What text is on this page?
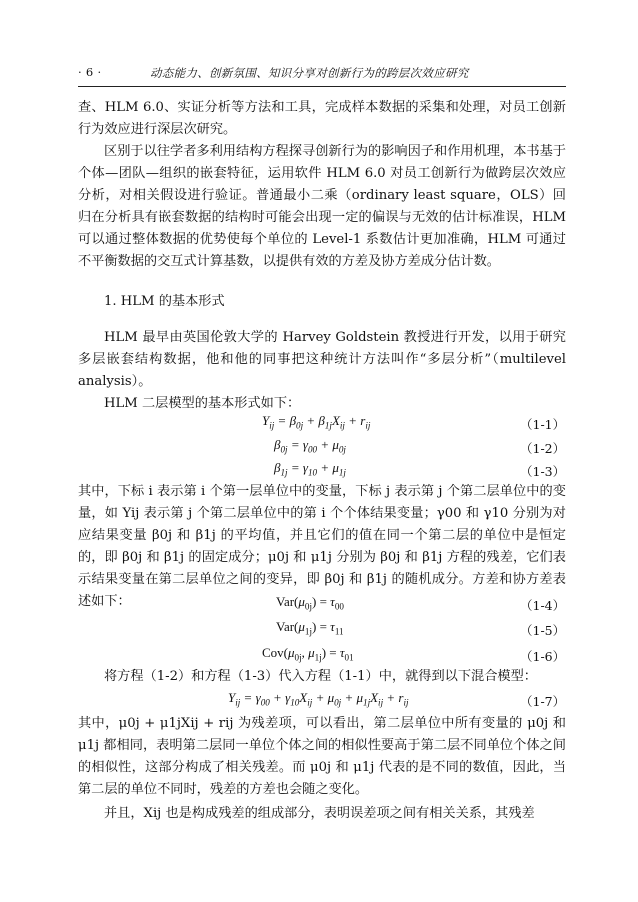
· 6 ·	动态能力、创新氛围、知识分享对创新行为的跨层次效应研究

查、HLM 6.0、实证分析等方法和工具，完成样本数据的采集和处理，对员工创新行为效应进行深层次研究。

区别于以往学者多利用结构方程探寻创新行为的影响因子和作用机理，本书基于个体—团队—组织的嵌套特征，运用软件 HLM 6.0 对员工创新行为做跨层次效应分析，对相关假设进行验证。普通最小二乘（ordinary least square，OLS）回归在分析具有嵌套数据的结构时可能会出现一定的偏误与无效的估计标准误，HLM 可以通过整体数据的优势使每个单位的 Level-1 系数估计更加准确，HLM 可通过不平衡数据的交互式计算基数，以提供有效的方差及协方差成分估计数。

1. HLM 的基本形式

HLM 最早由英国伦敦大学的 Harvey Goldstein 教授进行开发，以用于研究多层嵌套结构数据，他和他的同事把这种统计方法叫作“多层分析”（multilevel analysis）。

HLM 二层模型的基本形式如下：

$Y_{ij} = \beta_{0j} + \beta_{1j}X_{ij} + r_{ij}$	（1-1）
$\beta_{0j} = \gamma_{00} + \mu_{0j}$	（1-2）
$\beta_{1j} = \gamma_{10} + \mu_{1j}$	（1-3）

其中，下标 i 表示第 i 个第一层单位中的变量，下标 j 表示第 j 个第二层单位中的变量，如 Yij 表示第 j 个第二层单位中的第 i 个个体结果变量；γ00 和 γ10 分别为对应结果变量 β0j 和 β1j 的平均值，并且它们的值在同一个第二层的单位中是恒定的，即 β0j 和 β1j 的固定成分；μ0j 和 μ1j 分别为 β0j 和 β1j 方程的残差，它们表示结果变量在第二层单位之间的变异，即 β0j 和 β1j 的随机成分。方差和协方差表述如下：	$Var(\mu_{0j}) = \tau_{00}$	（1-4）
$Var(\mu_{1j}) = \tau_{11}$	（1-5）
$Cov(\mu_{0j}$, $\mu_{1j}) = \tau_{01}$	（1-6）

将方程（1-2）和方程（1-3）代入方程（1-1）中，就得到以下混合模型：

$Y_{ij} = \gamma_{00} + \gamma_{10}X_{ij} + \mu_{0j} + \mu_{1j}X_{ij} + r_{ij}$	（1-7）

其中，μ0j + μ1jXij + rij 为残差项，可以看出，第二层单位中所有变量的 μ0j 和 μ1j 都相同，表明第二层同一单位个体之间的相似性要高于第二层不同单位个体之间的相似性，这部分构成了相关残差。而 μ0j 和 μ1j 代表的是不同的数值，因此，当第二层的单位不同时，残差的方差也会随之变化。

并且，Xij 也是构成残差的组成部分，表明误差项之间有相关关系，其残差
